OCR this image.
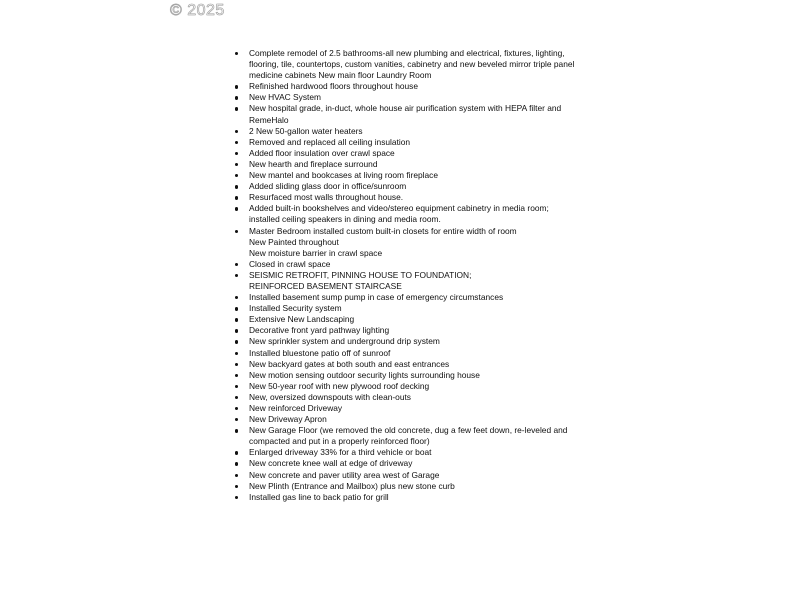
© 2025
Complete remodel of 2.5 bathrooms-all new plumbing and electrical, fixtures, lighting,
flooring, tile, countertops, custom vanities, cabinetry and new beveled mirror triple panel
medicine cabinets New main floor Laundry Room
Refinished hardwood floors throughout house
New HVAC System
New hospital grade, in-duct, whole house air purification system with HEPA filter and
RemeHalo
2 New 50-gallon water heaters
Removed and replaced all ceiling insulation
Added floor insulation over crawl space
New hearth and fireplace surround
New mantel and bookcases at living room fireplace
Added sliding glass door in office/sunroom
Resurfaced most walls throughout house.
Added built-in bookshelves and video/stereo equipment cabinetry in media room;
installed ceiling speakers in dining and media room.
Master Bedroom installed custom built-in closets for entire width of room
New Painted throughout
New moisture barrier in crawl space
Closed in crawl space
SEISMIC RETROFIT, PINNING HOUSE TO FOUNDATION;
REINFORCED BASEMENT STAIRCASE
Installed basement sump pump in case of emergency circumstances
Installed Security system
Extensive New Landscaping
Decorative front yard pathway lighting
New sprinkler system and underground drip system
Installed bluestone patio off of sunroof
New backyard gates at both south and east entrances
New motion sensing outdoor security lights surrounding house
New 50-year roof with new plywood roof decking
New, oversized downspouts with clean-outs
New reinforced Driveway
New Driveway Apron
New Garage Floor (we removed the old concrete, dug a few feet down, re-leveled and
compacted and put in a properly reinforced floor)
Enlarged driveway 33% for a third vehicle or boat
New concrete knee wall at edge of driveway
New concrete and paver utility area west of Garage
New Plinth (Entrance and Mailbox) plus new stone curb
Installed gas line to back patio for grill
